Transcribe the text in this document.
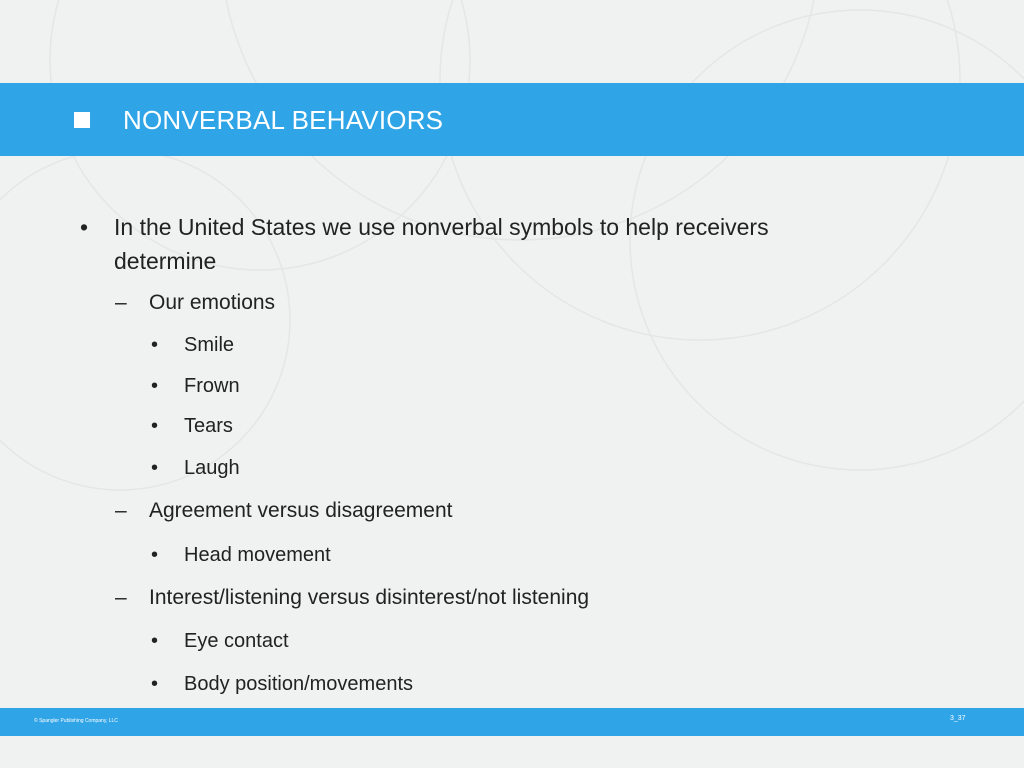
NONVERBAL BEHAVIORS
• In the United States we use nonverbal symbols to help receivers determine
– Our emotions
• Smile
• Frown
• Tears
• Laugh
– Agreement versus disagreement
• Head movement
– Interest/listening versus disinterest/not listening
• Eye contact
• Body position/movements
© Spangler Publishing Company, LLC	3_37
